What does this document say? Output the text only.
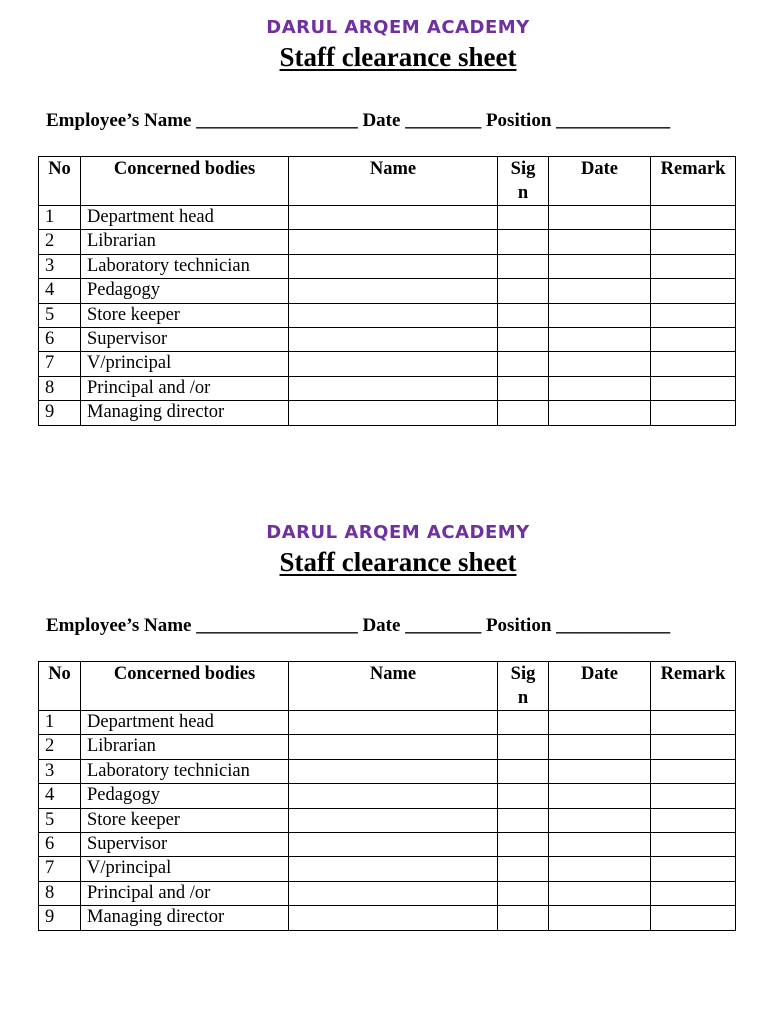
DARUL ARQEM ACADEMY
Staff clearance sheet
Employee’s Name _________________ Date ________ Position ____________
No	Concerned bodies	Name	Sig n	Date	Remark
1	Department head				
2	Librarian				
3	Laboratory technician				
4	Pedagogy				
5	Store keeper				
6	Supervisor				
7	V/principal				
8	Principal and /or				
9	Managing director				
DARUL ARQEM ACADEMY
Staff clearance sheet
Employee’s Name _________________ Date ________ Position ____________
No	Concerned bodies	Name	Sig n	Date	Remark
1	Department head				
2	Librarian				
3	Laboratory technician				
4	Pedagogy				
5	Store keeper				
6	Supervisor				
7	V/principal				
8	Principal and /or				
9	Managing director				
